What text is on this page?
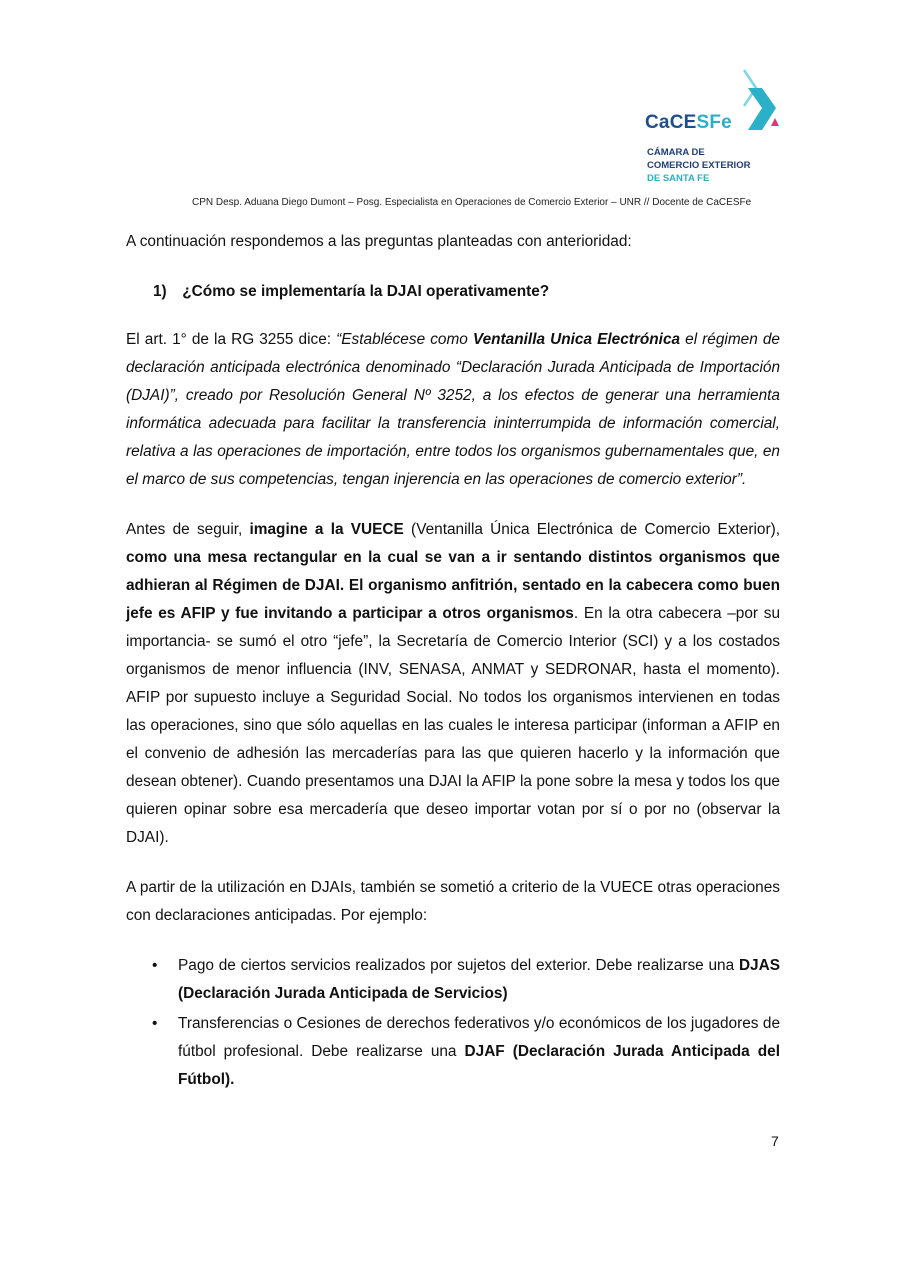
CaCESFe
CÁMARA DE
COMERCIO EXTERIOR
DE SANTA FE
CPN Desp. Aduana Diego Dumont – Posg. Especialista en Operaciones de Comercio Exterior – UNR // Docente de CaCESFe

A continuación respondemos a las preguntas planteadas con anterioridad:

1) ¿Cómo se implementaría la DJAI operativamente?

El art. 1° de la RG 3255 dice: “Establécese como Ventanilla Unica Electrónica el régimen de declaración anticipada electrónica denominado “Declaración Jurada Anticipada de Importación (DJAI)”, creado por Resolución General Nº 3252, a los efectos de generar una herramienta informática adecuada para facilitar la transferencia ininterrumpida de información comercial, relativa a las operaciones de importación, entre todos los organismos gubernamentales que, en el marco de sus competencias, tengan injerencia en las operaciones de comercio exterior”.

Antes de seguir, imagine a la VUECE (Ventanilla Única Electrónica de Comercio Exterior), como una mesa rectangular en la cual se van a ir sentando distintos organismos que adhieran al Régimen de DJAI. El organismo anfitrión, sentado en la cabecera como buen jefe es AFIP y fue invitando a participar a otros organismos. En la otra cabecera –por su importancia- se sumó el otro “jefe”, la Secretaría de Comercio Interior (SCI) y a los costados organismos de menor influencia (INV, SENASA, ANMAT y SEDRONAR, hasta el momento). AFIP por supuesto incluye a Seguridad Social. No todos los organismos intervienen en todas las operaciones, sino que sólo aquellas en las cuales le interesa participar (informan a AFIP en el convenio de adhesión las mercaderías para las que quieren hacerlo y la información que desean obtener). Cuando presentamos una DJAI la AFIP la pone sobre la mesa y todos los que quieren opinar sobre esa mercadería que deseo importar votan por sí o por no (observar la DJAI).

A partir de la utilización en DJAIs, también se sometió a criterio de la VUECE otras operaciones con declaraciones anticipadas. Por ejemplo:

• Pago de ciertos servicios realizados por sujetos del exterior. Debe realizarse una DJAS (Declaración Jurada Anticipada de Servicios)
• Transferencias o Cesiones de derechos federativos y/o económicos de los jugadores de fútbol profesional. Debe realizarse una DJAF (Declaración Jurada Anticipada del Fútbol).
7
